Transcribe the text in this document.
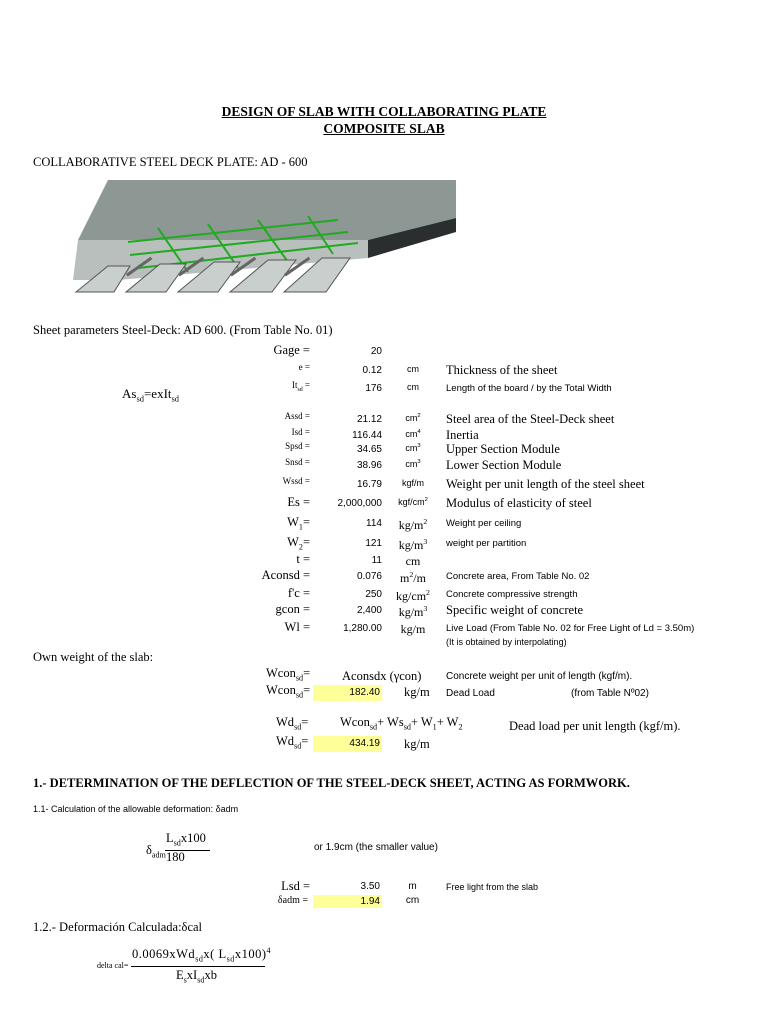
DESIGN OF SLAB WITH COLLABORATING PLATE
COMPOSITE SLAB
COLLABORATIVE STEEL DECK PLATE: AD - 600
Sheet parameters Steel-Deck: AD 600. (From Table No. 01)
$As_{sd}=exIt_{sd}$
Gage =	20
e =	0.12	cm	Thickness of the sheet
$It_{sd}$ =	176	cm	Length of the board / by the Total Width
Assd =	21.12	$cm^2$	Steel area of the Steel-Deck sheet
Isd =	116.44	$cm^4$	Inertia
Spsd =	34.65	$cm^3$	Upper Section Module
Snsd =	38.96	$cm^3$	Lower Section Module
Wssd =	16.79	kgf/m	Weight per unit length of the steel sheet
Es =	2,000,000	kgf/$cm^2$	Modulus of elasticity of steel
$W_1=$	114	$kg/m^2$	Weight per ceiling
$W_2=$	121	$kg/m^3$	weight per partition
t =	11	cm
Aconsd =	0.076	$m^2/m$	Concrete area, From Table No. 02
f'c =	250	$kg/cm^2$	Concrete compressive strength
gcon =	2,400	$kg/m^3$	Specific weight of concrete
Wl =	1,280.00	kg/m	Live Load (From Table No. 02 for Free Light of Ld = 3.50m)
(It is obtained by interpolating)
Own weight of the slab:
Wcon$_{sd}$=	Aconsdx (γcon) Concrete weight per unit of length (kgf/m).
Wcon$_{sd}$=	182.40 kg/m Dead Load	(from Table Nº02)
$Wd_{sd}=$	Wcon$_{sd}$+ $Ws_{sd}+ W_1+ W_2$	Dead load per unit length (kgf/m).
$Wd_{sd}=$	434.19 kg/m
1.- DETERMINATION OF THE DEFLECTION OF THE STEEL-DECK SHEET, ACTING AS FORMWORK.
1.1- Calculation of the allowable deformation: δadm
$\delta_{adm}$
$L_{sd}x100$
180
or 1.9cm (the smaller value)
Lsd =	3.50	m	Free light from the slab
δadm =	1.94	cm
1.2.- Deformación Calculada:δcal
delta cal=
0.0069xWd$_{sd}$x( $L_{sd}x100)^4$
$E_sxI_{sd}xb$
